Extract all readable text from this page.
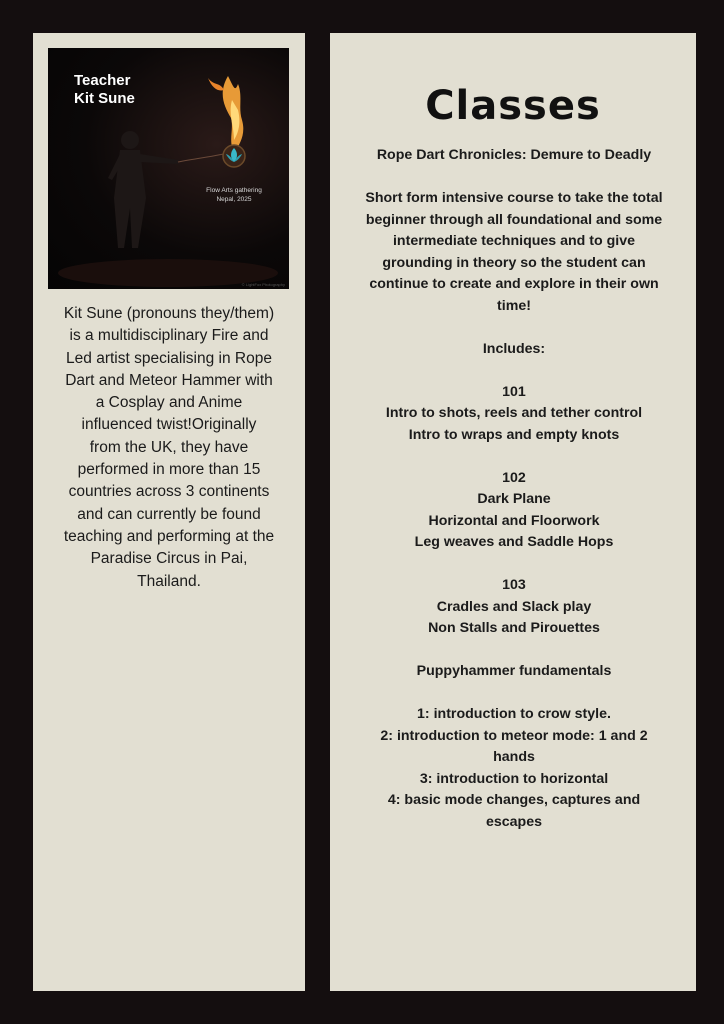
Teacher
Kit Sune
Flow Arts gathering
Nepal, 2025
© LightFox Photography
Kit Sune (pronouns they/them)
is a multidisciplinary Fire and
Led artist specialising in Rope
Dart and Meteor Hammer with
a Cosplay and Anime
influenced twist!Originally
from the UK, they have
performed in more than 15
countries across 3 continents
and can currently be found
teaching and performing at the
Paradise Circus in Pai,
Thailand.
Classes
Rope Dart Chronicles: Demure to Deadly
Short form intensive course to take the total
beginner through all foundational and some
intermediate techniques and to give
grounding in theory so the student can
continue to create and explore in their own
time!
Includes:
101
Intro to shots, reels and tether control
Intro to wraps and empty knots
102
Dark Plane
Horizontal and Floorwork
Leg weaves and Saddle Hops
103
Cradles and Slack play
Non Stalls and Pirouettes
Puppyhammer fundamentals
1: introduction to crow style.
2: introduction to meteor mode: 1 and 2
hands
3: introduction to horizontal
4: basic mode changes, captures and
escapes
